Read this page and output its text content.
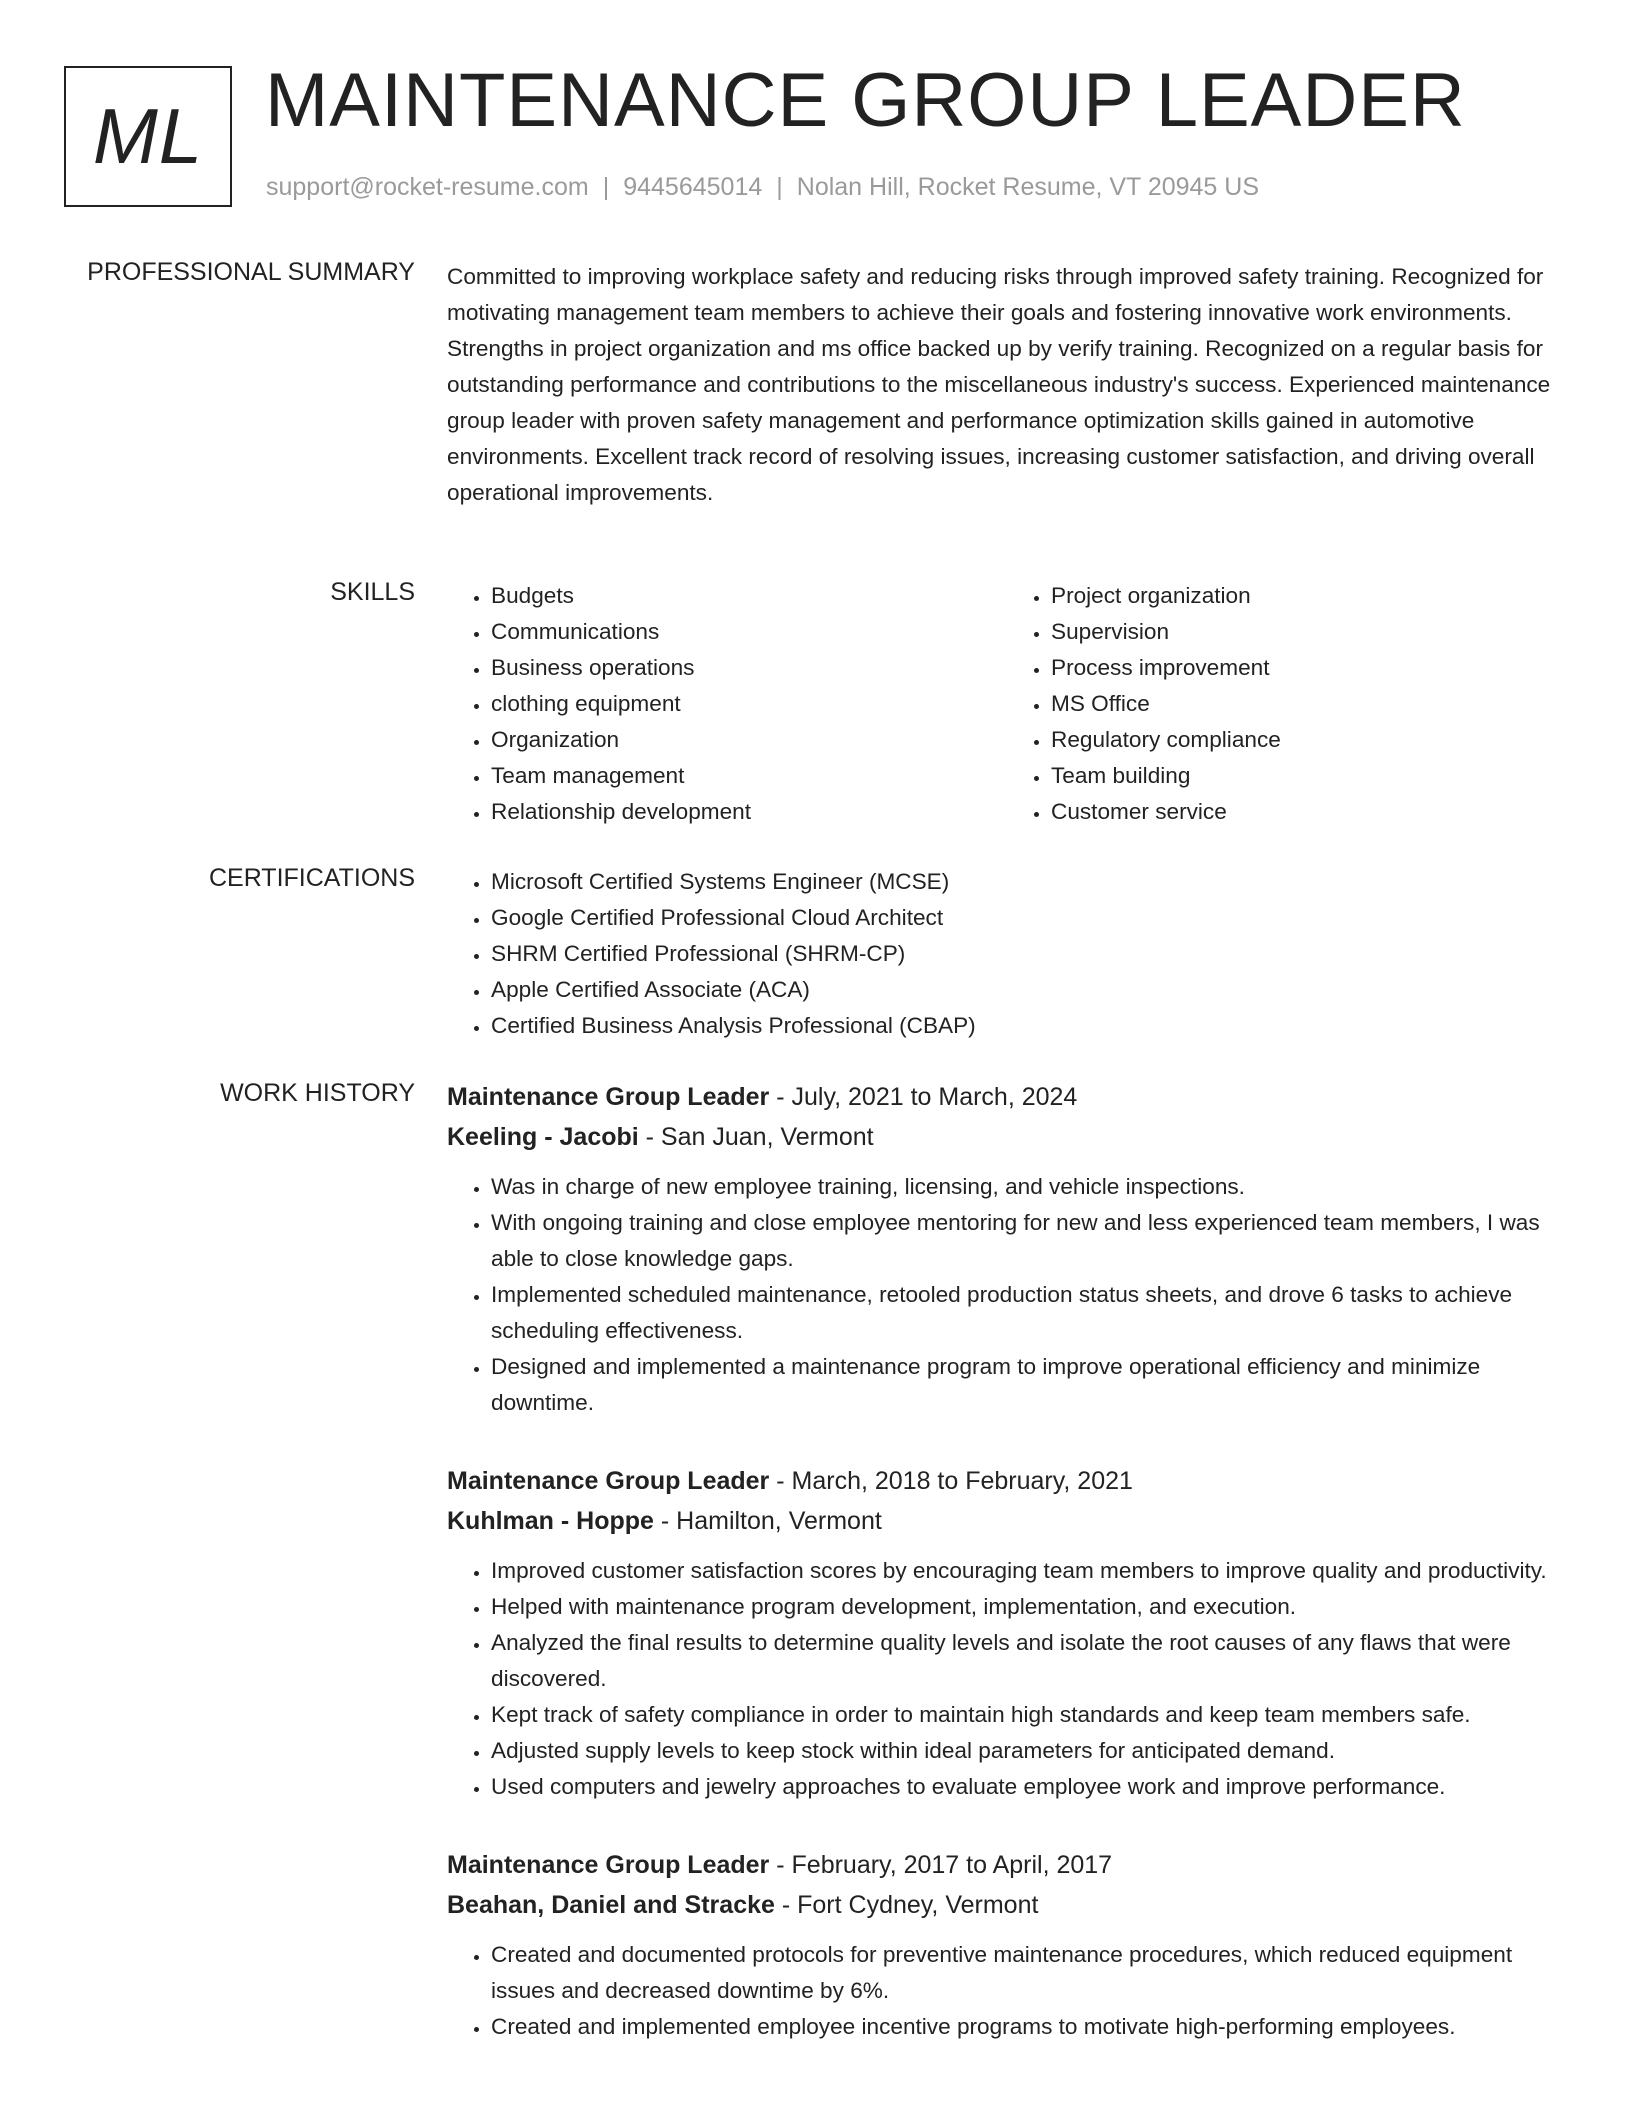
ML MAINTENANCE GROUP LEADER
support@rocket-resume.com | 9445645014 | Nolan Hill, Rocket Resume, VT 20945 US
PROFESSIONAL SUMMARY Committed to improving workplace safety and reducing risks through improved safety training. Recognized for motivating management team members to achieve their goals and fostering innovative work environments. Strengths in project organization and ms office backed up by verify training. Recognized on a regular basis for outstanding performance and contributions to the miscellaneous industry's success. Experienced maintenance group leader with proven safety management and performance optimization skills gained in automotive environments. Excellent track record of resolving issues, increasing customer satisfaction, and driving overall operational improvements.

SKILLS	• Budgets
• Communications
• Business operations
• clothing equipment
• Organization
• Team management
• Relationship development
• Project organization
• Supervision
• Process improvement
• MS Office
• Regulatory compliance
• Team building
• Customer service
CERTIFICATIONS	• Microsoft Certified Systems Engineer (MCSE)
• Google Certified Professional Cloud Architect
• SHRM Certified Professional (SHRM-CP)
• Apple Certified Associate (ACA)
• Certified Business Analysis Professional (CBAP)
WORK HISTORY Maintenance Group Leader - July, 2021 to March, 2024
Keeling - Jacobi - San Juan, Vermont
• Was in charge of new employee training, licensing, and vehicle inspections.
• With ongoing training and close employee mentoring for new and less experienced team members, I was able to close knowledge gaps.
• Implemented scheduled maintenance, retooled production status sheets, and drove 6 tasks to achieve scheduling effectiveness.
• Designed and implemented a maintenance program to improve operational efficiency and minimize downtime.
Maintenance Group Leader - March, 2018 to February, 2021
Kuhlman - Hoppe - Hamilton, Vermont
• Improved customer satisfaction scores by encouraging team members to improve quality and productivity.
• Helped with maintenance program development, implementation, and execution.
• Analyzed the final results to determine quality levels and isolate the root causes of any flaws that were discovered.
• Kept track of safety compliance in order to maintain high standards and keep team members safe.
• Adjusted supply levels to keep stock within ideal parameters for anticipated demand.
• Used computers and jewelry approaches to evaluate employee work and improve performance.
Maintenance Group Leader - February, 2017 to April, 2017
Beahan, Daniel and Stracke - Fort Cydney, Vermont
• Created and documented protocols for preventive maintenance procedures, which reduced equipment issues and decreased downtime by 6%.
• Created and implemented employee incentive programs to motivate high-performing employees.
